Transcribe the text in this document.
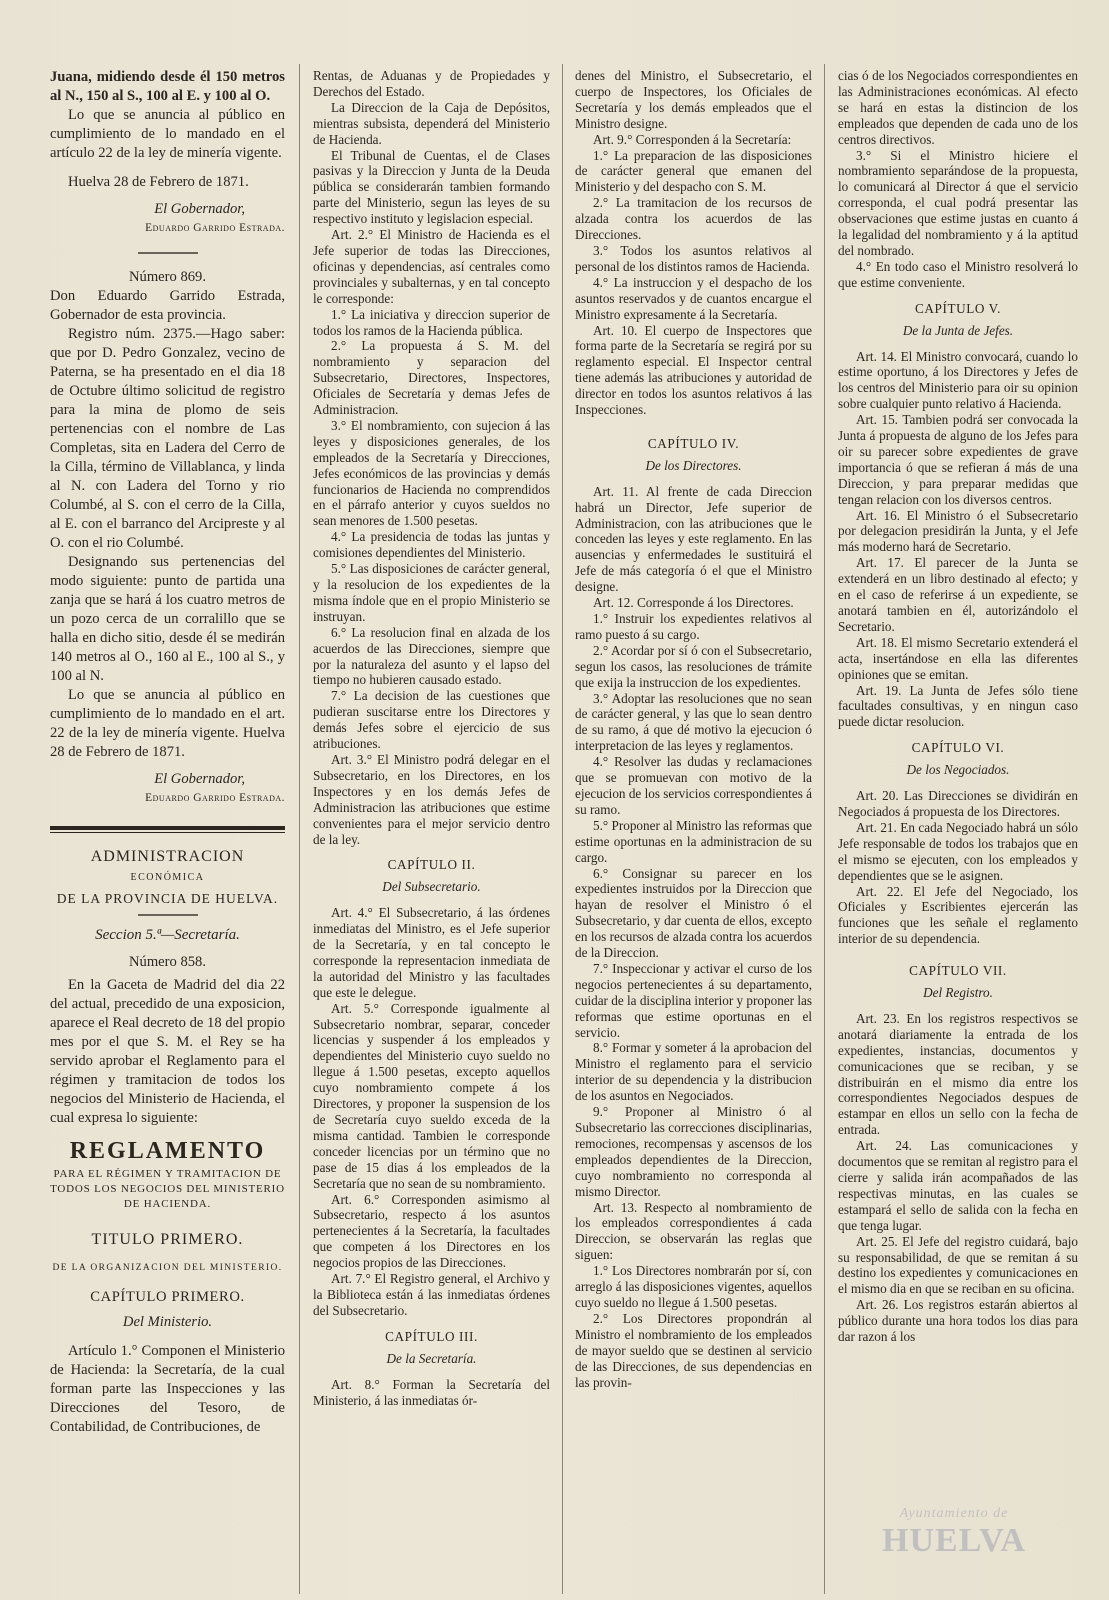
Juana, midiendo desde él 150 metros al N., 150 al S., 100 al E. y 100 al O.

Lo que se anuncia al público en cumplimiento de lo mandado en el artículo 22 de la ley de minería vigente.

Huelva 28 de Febrero de 1871.

El Gobernador,
Eduardo Garrido Estrada.

Número 869.

Don Eduardo Garrido Estrada, Gobernador de esta provincia.

Registro núm. 2375.—Hago saber: que por D. Pedro Gonzalez, vecino de Paterna, se ha presentado en el dia 18 de Octubre último solicitud de registro para la mina de plomo de seis pertenencias con el nombre de Las Completas, sita en Ladera del Cerro de la Cilla, término de Villablanca, y linda al N. con Ladera del Torno y rio Columbé, al S. con el cerro de la Cilla, al E. con el barranco del Arcipreste y al O. con el rio Columbé.

Designando sus pertenencias del modo siguiente: punto de partida una zanja que se hará á los cuatro metros de un pozo cerca de un corralillo que se halla en dicho sitio, desde él se medirán 140 metros al O., 160 al E., 100 al S., y 100 al N.

Lo que se anuncia al público en cumplimiento de lo mandado en el art. 22 de la ley de minería vigente. Huelva 28 de Febrero de 1871.

El Gobernador,
Eduardo Garrido Estrada.
ADMINISTRACION
ECONÓMICA
DE LA PROVINCIA DE HUELVA.

Seccion 5.ª—Secretaría.

Número 858.

En la Gaceta de Madrid del dia 22 del actual, precedido de una exposicion, aparece el Real decreto de 18 del propio mes por el que S. M. el Rey se ha servido aprobar el Reglamento para el régimen y tramitacion de todos los negocios del Ministerio de Hacienda, el cual expresa lo siguiente:

REGLAMENTO
PARA EL RÉGIMEN Y TRAMITACION DE TODOS LOS NEGOCIOS DEL MINISTERIO DE HACIENDA.
TITULO PRIMERO.
DE LA ORGANIZACION DEL MINISTERIO.
CAPÍTULO PRIMERO.
Del Ministerio.

Artículo 1.° Componen el Ministerio de Hacienda: la Secretaría, de la cual forman parte las Inspecciones y las Direcciones del Tesoro, de Contabilidad, de Contribuciones, de

Rentas, de Aduanas y de Propiedades y Derechos del Estado.

La Direccion de la Caja de Depósitos, mientras subsista, dependerá del Ministerio de Hacienda.

El Tribunal de Cuentas, el de Clases pasivas y la Direccion y Junta de la Deuda pública se considerarán tambien formando parte del Ministerio, segun las leyes de su respectivo instituto y legislacion especial.

Art. 2.° El Ministro de Hacienda es el Jefe superior de todas las Direcciones, oficinas y dependencias, así centrales como provinciales y subalternas, y en tal concepto le corresponde:

1.° La iniciativa y direccion superior de todos los ramos de la Hacienda pública.

2.° La propuesta á S. M. del nombramiento y separacion del Subsecretario, Directores, Inspectores, Oficiales de Secretaría y demas Jefes de Administracion.

3.° El nombramiento, con sujecion á las leyes y disposiciones generales, de los empleados de la Secretaría y Direcciones, Jefes económicos de las provincias y demás funcionarios de Hacienda no comprendidos en el párrafo anterior y cuyos sueldos no sean menores de 1.500 pesetas.

4.° La presidencia de todas las juntas y comisiones dependientes del Ministerio.

5.° Las disposiciones de carácter general, y la resolucion de los expedientes de la misma índole que en el propio Ministerio se instruyan.

6.° La resolucion final en alzada de los acuerdos de las Direcciones, siempre que por la naturaleza del asunto y el lapso del tiempo no hubieren causado estado.

7.° La decision de las cuestiones que pudieran suscitarse entre los Directores y demás Jefes sobre el ejercicio de sus atribuciones.

Art. 3.° El Ministro podrá delegar en el Subsecretario, en los Directores, en los Inspectores y en los demás Jefes de Administracion las atribuciones que estime convenientes para el mejor servicio dentro de la ley.

CAPÍTULO II.
Del Subsecretario.

Art. 4.° El Subsecretario, á las órdenes inmediatas del Ministro, es el Jefe superior de la Secretaría, y en tal concepto le corresponde la representacion inmediata de la autoridad del Ministro y las facultades que este le delegue.

Art. 5.° Corresponde igualmente al Subsecretario nombrar, separar, conceder licencias y suspender á los empleados y dependientes del Ministerio cuyo sueldo no llegue á 1.500 pesetas, excepto aquellos cuyo nombramiento compete á los Directores, y proponer la suspension de los de Secretaría cuyo sueldo exceda de la misma cantidad. Tambien le corresponde conceder licencias por un término que no pase de 15 dias á los empleados de la Secretaría que no sean de su nombramiento.

Art. 6.° Corresponden asimismo al Subsecretario, respecto á los asuntos pertenecientes á la Secretaría, la facultades que competen á los Directores en los negocios propios de las Direcciones.

Art. 7.° El Registro general, el Archivo y la Biblioteca están á las inmediatas órdenes del Subsecretario.

CAPÍTULO III.
De la Secretaría.

Art. 8.° Forman la Secretaría del Ministerio, á las inmediatas ór-

denes del Ministro, el Subsecretario, el cuerpo de Inspectores, los Oficiales de Secretaría y los demás empleados que el Ministro designe.

Art. 9.° Corresponden á la Secretaría:

1.° La preparacion de las disposiciones de carácter general que emanen del Ministerio y del despacho con S. M.

2.° La tramitacion de los recursos de alzada contra los acuerdos de las Direcciones.

3.° Todos los asuntos relativos al personal de los distintos ramos de Hacienda.

4.° La instruccion y el despacho de los asuntos reservados y de cuantos encargue el Ministro expresamente á la Secretaría.

Art. 10. El cuerpo de Inspectores que forma parte de la Secretaría se regirá por su reglamento especial. El Inspector central tiene además las atribuciones y autoridad de director en todos los asuntos relativos á las Inspecciones.

CAPÍTULO IV.
De los Directores.

Art. 11. Al frente de cada Direccion habrá un Director, Jefe superior de Administracion, con las atribuciones que le conceden las leyes y este reglamento. En las ausencias y enfermedades le sustituirá el Jefe de más categoría ó el que el Ministro designe.

Art. 12. Corresponde á los Directores.

1.° Instruir los expedientes relativos al ramo puesto á su cargo.

2.° Acordar por sí ó con el Subsecretario, segun los casos, las resoluciones de trámite que exija la instruccion de los expedientes.

3.° Adoptar las resoluciones que no sean de carácter general, y las que lo sean dentro de su ramo, á que dé motivo la ejecucion ó interpretacion de las leyes y reglamentos.

4.° Resolver las dudas y reclamaciones que se promuevan con motivo de la ejecucion de los servicios correspondientes á su ramo.

5.° Proponer al Ministro las reformas que estime oportunas en la administracion de su cargo.

6.° Consignar su parecer en los expedientes instruidos por la Direccion que hayan de resolver el Ministro ó el Subsecretario, y dar cuenta de ellos, excepto en los recursos de alzada contra los acuerdos de la Direccion.

7.° Inspeccionar y activar el curso de los negocios pertenecientes á su departamento, cuidar de la disciplina interior y proponer las reformas que estime oportunas en el servicio.

8.° Formar y someter á la aprobacion del Ministro el reglamento para el servicio interior de su dependencia y la distribucion de los asuntos en Negociados.

9.° Proponer al Ministro ó al Subsecretario las correcciones disciplinarias, remociones, recompensas y ascensos de los empleados dependientes de la Direccion, cuyo nombramiento no corresponda al mismo Director.

Art. 13. Respecto al nombramiento de los empleados correspondientes á cada Direccion, se observarán las reglas que siguen:

1.° Los Directores nombrarán por sí, con arreglo á las disposiciones vigentes, aquellos cuyo sueldo no llegue á 1.500 pesetas.

2.° Los Directores propondrán al Ministro el nombramiento de los empleados de mayor sueldo que se destinen al servicio de las Direcciones, de sus dependencias en las provin-

cias ó de los Negociados correspondientes en las Administraciones económicas. Al efecto se hará en estas la distincion de los empleados que dependen de cada uno de los centros directivos.

3.° Si el Ministro hiciere el nombramiento separándose de la propuesta, lo comunicará al Director á que el servicio corresponda, el cual podrá presentar las observaciones que estime justas en cuanto á la legalidad del nombramiento y á la aptitud del nombrado.

4.° En todo caso el Ministro resolverá lo que estime conveniente.

CAPÍTULO V.
De la Junta de Jefes.

Art. 14. El Ministro convocará, cuando lo estime oportuno, á los Directores y Jefes de los centros del Ministerio para oir su opinion sobre cualquier punto relativo á Hacienda.

Art. 15. Tambien podrá ser convocada la Junta á propuesta de alguno de los Jefes para oir su parecer sobre expedientes de grave importancia ó que se refieran á más de una Direccion, y para preparar medidas que tengan relacion con los diversos centros.

Art. 16. El Ministro ó el Subsecretario por delegacion presidirán la Junta, y el Jefe más moderno hará de Secretario.

Art. 17. El parecer de la Junta se extenderá en un libro destinado al efecto; y en el caso de referirse á un expediente, se anotará tambien en él, autorizándolo el Secretario.

Art. 18. El mismo Secretario extenderá el acta, insertándose en ella las diferentes opiniones que se emitan.

Art. 19. La Junta de Jefes sólo tiene facultades consultivas, y en ningun caso puede dictar resolucion.

CAPÍTULO VI.
De los Negociados.

Art. 20. Las Direcciones se dividirán en Negociados á propuesta de los Directores.

Art. 21. En cada Negociado habrá un sólo Jefe responsable de todos los trabajos que en el mismo se ejecuten, con los empleados y dependientes que se le asignen.

Art. 22. El Jefe del Negociado, los Oficiales y Escribientes ejercerán las funciones que les señale el reglamento interior de su dependencia.

CAPÍTULO VII.
Del Registro.

Art. 23. En los registros respectivos se anotará diariamente la entrada de los expedientes, instancias, documentos y comunicaciones que se reciban, y se distribuirán en el mismo dia entre los correspondientes Negociados despues de estampar en ellos un sello con la fecha de entrada.

Art. 24. Las comunicaciones y documentos que se remitan al registro para el cierre y salida irán acompañados de las respectivas minutas, en las cuales se estampará el sello de salida con la fecha en que tenga lugar.

Art. 25. El Jefe del registro cuidará, bajo su responsabilidad, de que se remitan á su destino los expedientes y comunicaciones en el mismo dia en que se reciban en su oficina.

Art. 26. Los registros estarán abiertos al público durante una hora todos los dias para dar razon á los

Ayuntamiento de
HUELVA
